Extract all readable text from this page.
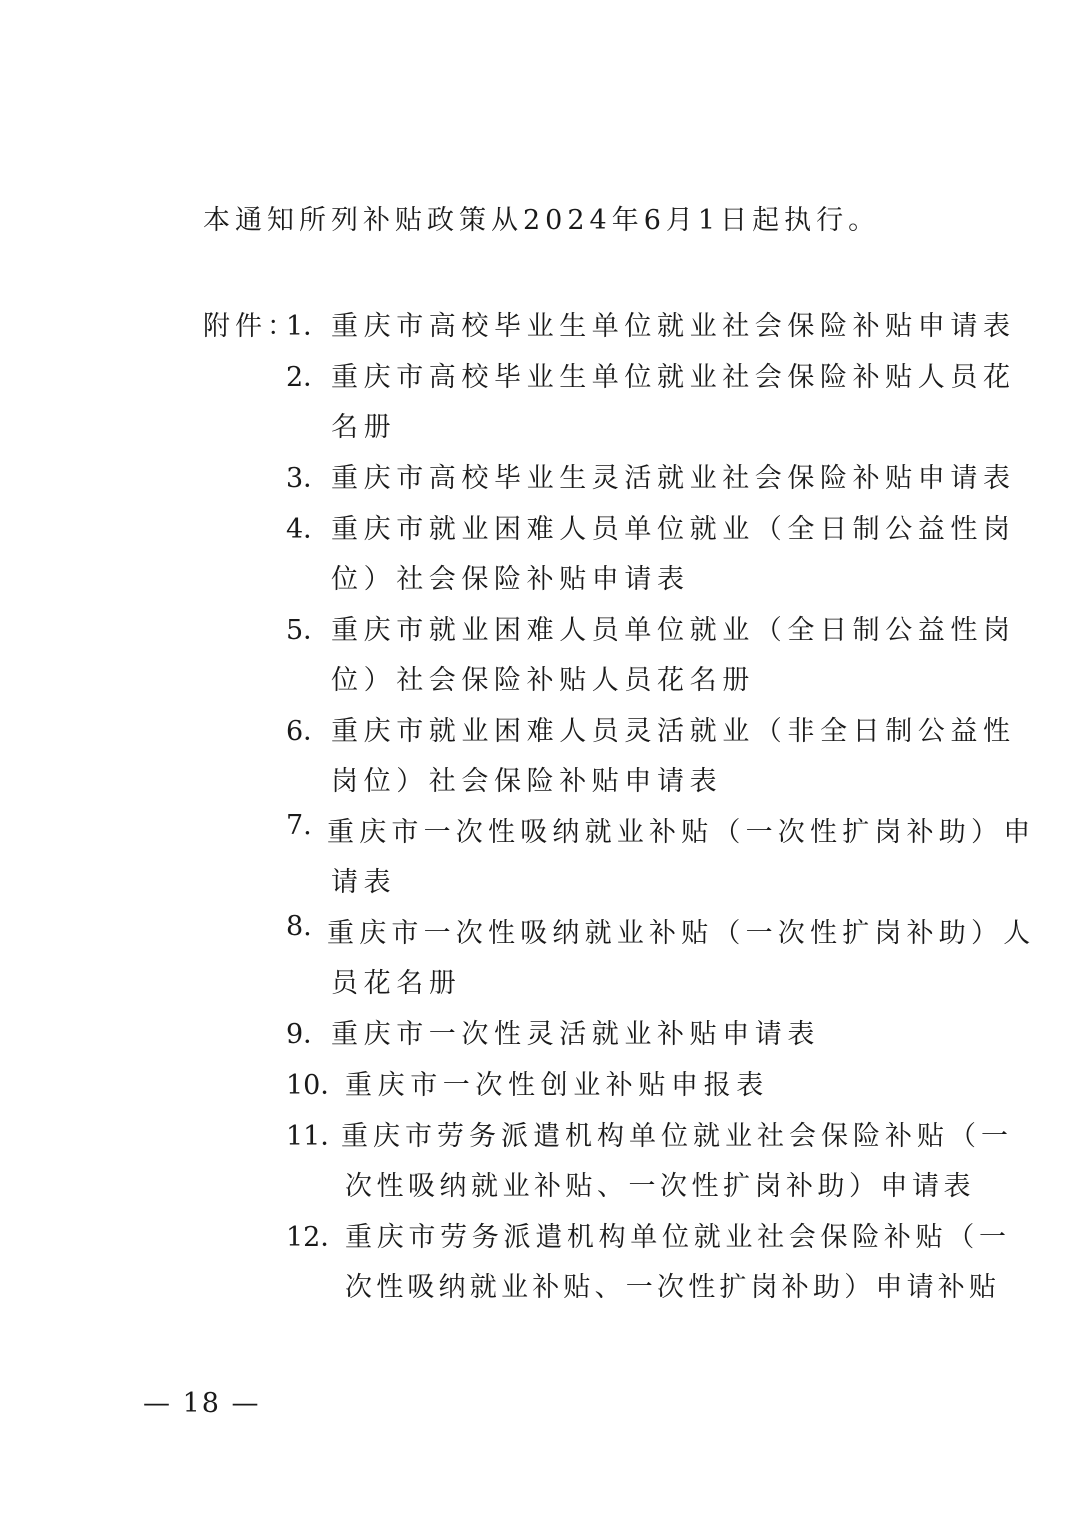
本通知所列补贴政策从2024年6月1日起执行。
附件：
1． 重庆市高校毕业生单位就业社会保险补贴申请表
2． 重庆市高校毕业生单位就业社会保险补贴人员花
名册
3． 重庆市高校毕业生灵活就业社会保险补贴申请表
4． 重庆市就业困难人员单位就业（全日制公益性岗
位）社会保险补贴申请表
5． 重庆市就业困难人员单位就业（全日制公益性岗
位）社会保险补贴人员花名册
6． 重庆市就业困难人员灵活就业（非全日制公益性
岗位）社会保险补贴申请表
7. 重庆市一次性吸纳就业补贴（一次性扩岗补助）申
请表
8. 重庆市一次性吸纳就业补贴（一次性扩岗补助）人
员花名册
9． 重庆市一次性灵活就业补贴申请表
10．
重庆市一次性创业补贴申报表
11．
重庆市劳务派遣机构单位就业社会保险补贴（一
次性吸纳就业补贴、一次性扩岗补助）申请表
12．
重庆市劳务派遣机构单位就业社会保险补贴（一
次性吸纳就业补贴、一次性扩岗补助）申请补贴
— 18 —
